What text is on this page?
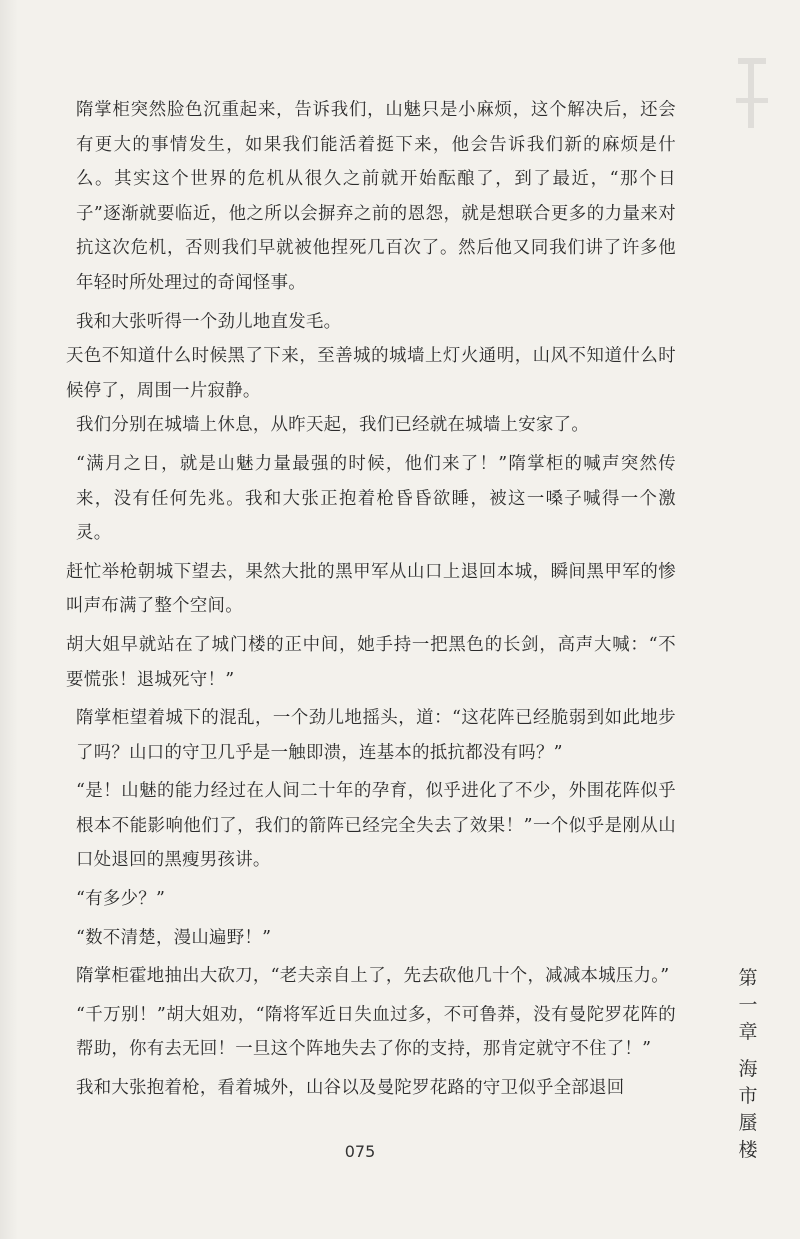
隋掌柜突然脸色沉重起来，告诉我们，山魅只是小麻烦，这个解决后，还会有更大的事情发生，如果我们能活着挺下来，他会告诉我们新的麻烦是什么。其实这个世界的危机从很久之前就开始酝酿了，到了最近，“那个日子”逐渐就要临近，他之所以会摒弃之前的恩怨，就是想联合更多的力量来对抗这次危机，否则我们早就被他捏死几百次了。然后他又同我们讲了许多他年轻时所处理过的奇闻怪事。

我和大张听得一个劲儿地直发毛。

天色不知道什么时候黑了下来，至善城的城墙上灯火通明，山风不知道什么时候停了，周围一片寂静。

我们分别在城墙上休息，从昨天起，我们已经就在城墙上安家了。

“满月之日，就是山魅力量最强的时候，他们来了！”隋掌柜的喊声突然传来，没有任何先兆。我和大张正抱着枪昏昏欲睡，被这一嗓子喊得一个激灵。

赶忙举枪朝城下望去，果然大批的黑甲军从山口上退回本城，瞬间黑甲军的惨叫声布满了整个空间。

胡大姐早就站在了城门楼的正中间，她手持一把黑色的长剑，高声大喊：“不要慌张！退城死守！”

隋掌柜望着城下的混乱，一个劲儿地摇头，道：“这花阵已经脆弱到如此地步了吗？山口的守卫几乎是一触即溃，连基本的抵抗都没有吗？”

“是！山魅的能力经过在人间二十年的孕育，似乎进化了不少，外围花阵似乎根本不能影响他们了，我们的箭阵已经完全失去了效果！”一个似乎是刚从山口处退回的黑瘦男孩讲。

“有多少？”

“数不清楚，漫山遍野！”

隋掌柜霍地抽出大砍刀，“老夫亲自上了，先去砍他几十个，减减本城压力。”

“千万别！”胡大姐劝，“隋将军近日失血过多，不可鲁莽，没有曼陀罗花阵的帮助，你有去无回！一旦这个阵地失去了你的支持，那肯定就守不住了！”

我和大张抱着枪，看着城外，山谷以及曼陀罗花路的守卫似乎全部退回

第
一
章
海
市
蜃
楼
075
